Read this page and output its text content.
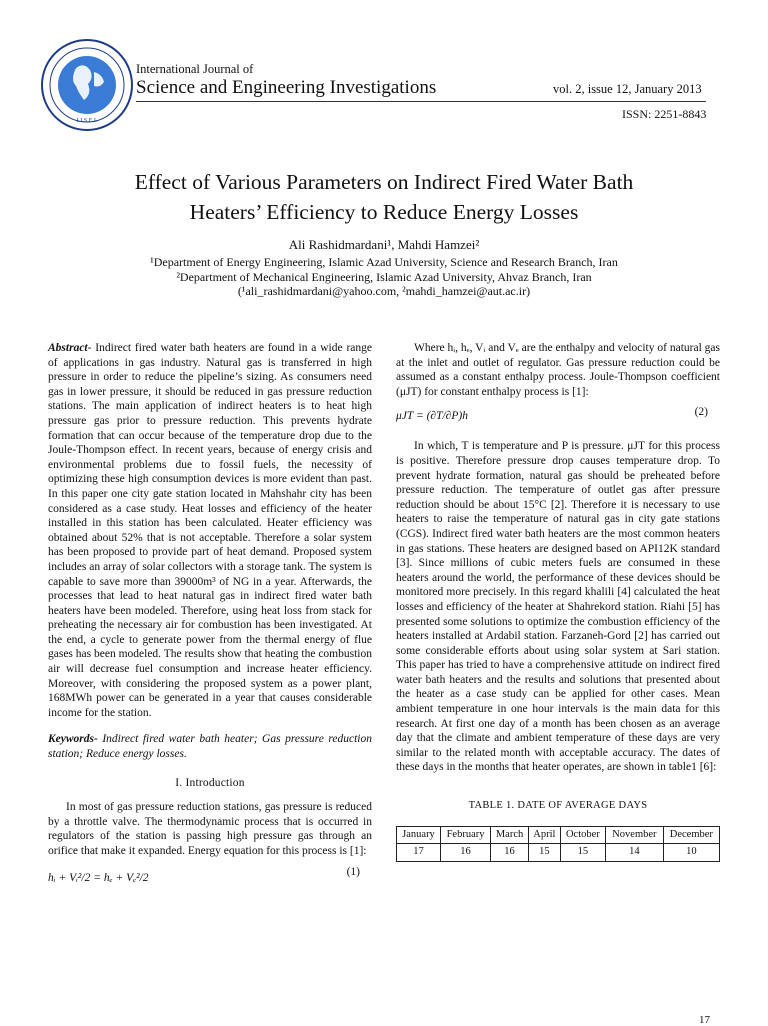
I.J.S.E.I.
International Journal of
Science and Engineering Investigations	vol. 2, issue 12, January 2013
ISSN: 2251-8843
Effect of Various Parameters on Indirect Fired Water Bath
Heaters’ Efficiency to Reduce Energy Losses
Ali Rashidmardani¹, Mahdi Hamzei²
¹Department of Energy Engineering, Islamic Azad University, Science and Research Branch, Iran
²Department of Mechanical Engineering, Islamic Azad University, Ahvaz Branch, Iran
(¹ali_rashidmardani@yahoo.com, ²mahdi_hamzei@aut.ac.ir)

Abstract- Indirect fired water bath heaters are found in a wide range of applications in gas industry. Natural gas is transferred in high pressure in order to reduce the pipeline’s sizing. As consumers need gas in lower pressure, it should be reduced in gas pressure reduction stations. The main application of indirect heaters is to heat high pressure gas prior to pressure reduction. This prevents hydrate formation that can occur because of the temperature drop due to the Joule-Thompson effect. In recent years, because of energy crisis and environmental problems due to fossil fuels, the necessity of optimizing these high consumption devices is more evident than past. In this paper one city gate station located in Mahshahr city has been considered as a case study. Heat losses and efficiency of the heater installed in this station has been calculated. Heater efficiency was obtained about 52% that is not acceptable. Therefore a solar system has been proposed to provide part of heat demand. Proposed system includes an array of solar collectors with a storage tank. The system is capable to save more than 39000m³ of NG in a year. Afterwards, the processes that lead to heat natural gas in indirect fired water bath heaters have been modeled. Therefore, using heat loss from stack for preheating the necessary air for combustion has been investigated. At the end, a cycle to generate power from the thermal energy of flue gases has been modeled. The results show that heating the combustion air will decrease fuel consumption and increase heater efficiency. Moreover, with considering the proposed system as a power plant, 168MWh power can be generated in a year that causes considerable income for the station.

Keywords- Indirect fired water bath heater; Gas pressure reduction station; Reduce energy losses.

I. Introduction

In most of gas pressure reduction stations, gas pressure is reduced by a throttle valve. The thermodynamic process that is occurred in regulators of the station is passing high pressure gas through an orifice that make it expanded. Energy equation for this process is [1]:

hᵢ + Vᵢ²/2 = hₑ + Vₑ²/2	(1)

Where hᵢ, hₑ, Vᵢ and Vₑ are the enthalpy and velocity of natural gas at the inlet and outlet of regulator. Gas pressure reduction could be assumed as a constant enthalpy process. Joule-Thompson coefficient (μJT) for constant enthalpy process is [1]:

μJT = (∂T/∂P)h	(2)

In which, T is temperature and P is pressure. μJT for this process is positive. Therefore pressure drop causes temperature drop. To prevent hydrate formation, natural gas should be preheated before pressure reduction. The temperature of outlet gas after pressure reduction should be about 15°C [2]. Therefore it is necessary to use heaters to raise the temperature of natural gas in city gate stations (CGS). Indirect fired water bath heaters are the most common heaters in gas stations. These heaters are designed based on API12K standard [3]. Since millions of cubic meters fuels are consumed in these heaters around the world, the performance of these devices should be monitored more precisely. In this regard khalili [4] calculated the heat losses and efficiency of the heater at Shahrekord station. Riahi [5] has presented some solutions to optimize the combustion efficiency of the heaters installed at Ardabil station. Farzaneh-Gord [2] has carried out some considerable efforts about using solar system at Sari station. This paper has tried to have a comprehensive attitude on indirect fired water bath heaters and the results and solutions that presented about the heater as a case study can be applied for other cases. Mean ambient temperature in one hour intervals is the main data for this research. At first one day of a month has been chosen as an average day that the climate and ambient temperature of these days are very similar to the related month with acceptable accuracy. The dates of these days in the months that heater operates, are shown in table1 [6]:

TABLE 1. DATE OF AVERAGE DAYS

January	February	March	April	October	November	December
17	16	16	15	15	14	10
17
